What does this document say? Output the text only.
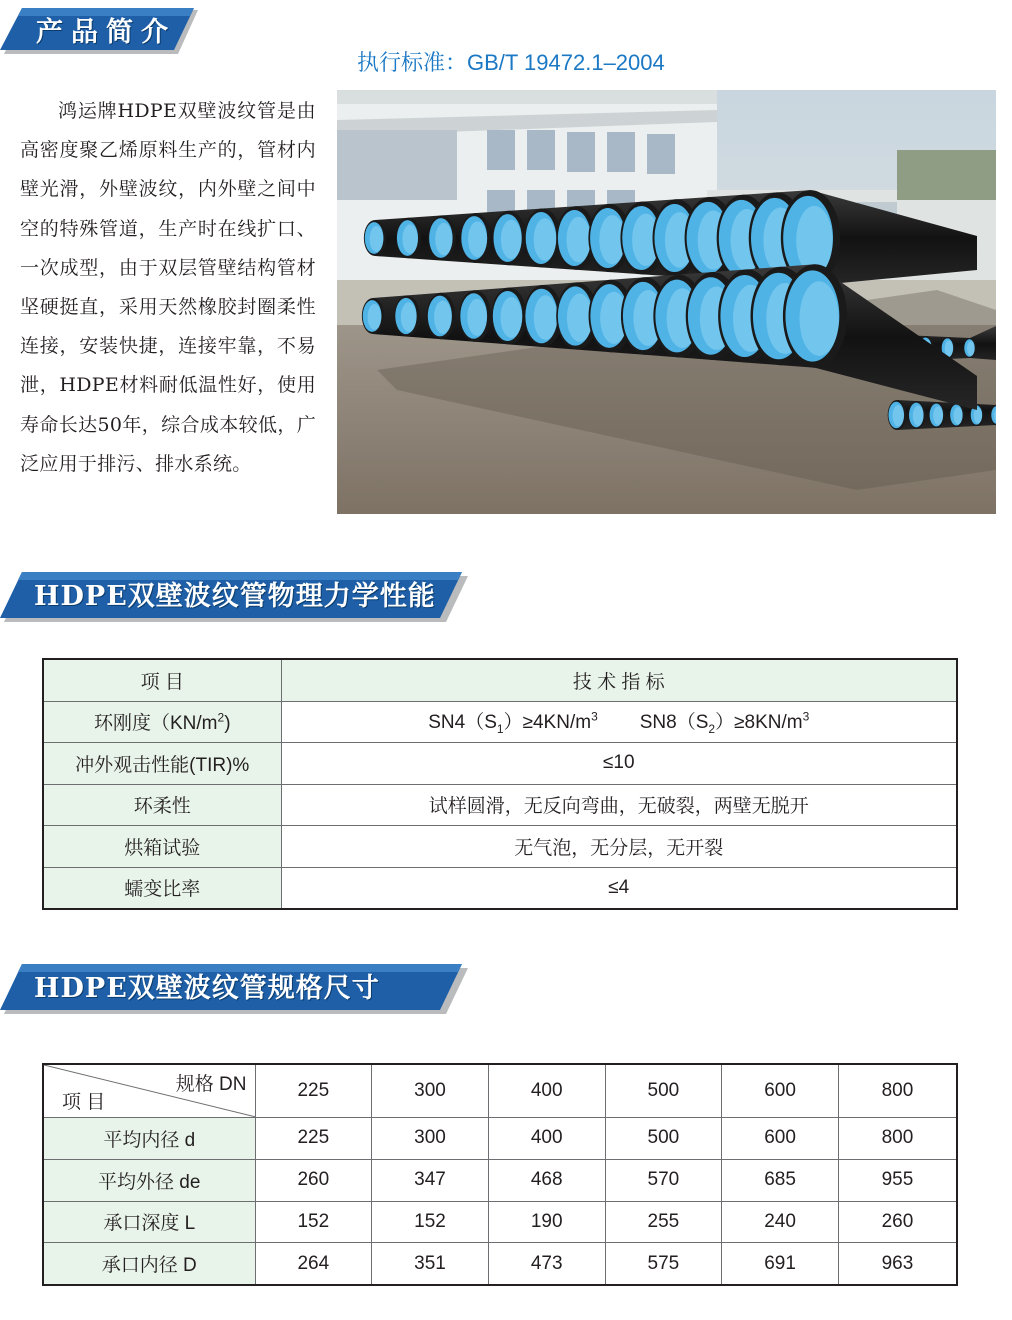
产品简介
执行标准：GB/T 19472.1–2004

鸿运牌HDPE双壁波纹管是由高密度聚乙烯原料生产的，管材内壁光滑，外壁波纹，内外壁之间中空的特殊管道，生产时在线扩口、一次成型，由于双层管壁结构管材坚硬挺直，采用天然橡胶封圈柔性连接，安装快捷，连接牢靠，不易泄，HDPE材料耐低温性好，使用寿命长达50年，综合成本较低，广泛应用于排污、排水系统。

HDPE双壁波纹管物理力学性能
项 目	技 术 指 标
环刚度$(KN/m^2)$	$SN4(S_1)\ge 4KN/m^3$ $SN8(S_2)\ge 8KN/m^3$
冲外观击性能(TIR)%	≤10
环柔性	试样圆滑，无反向弯曲，无破裂，两壁无脱开
烘箱试验	无气泡，无分层，无开裂
蠕变比率	≤4
HDPE双壁波纹管规格尺寸
规格 DN
项 目	225	300	400	500	600	800
平均内径 d	225	300	400	500	600	800
平均外径 de	260	347	468	570	685	955
承口深度 L	152	152	190	255	240	260
承口内径 D	264	351	473	575	691	963
